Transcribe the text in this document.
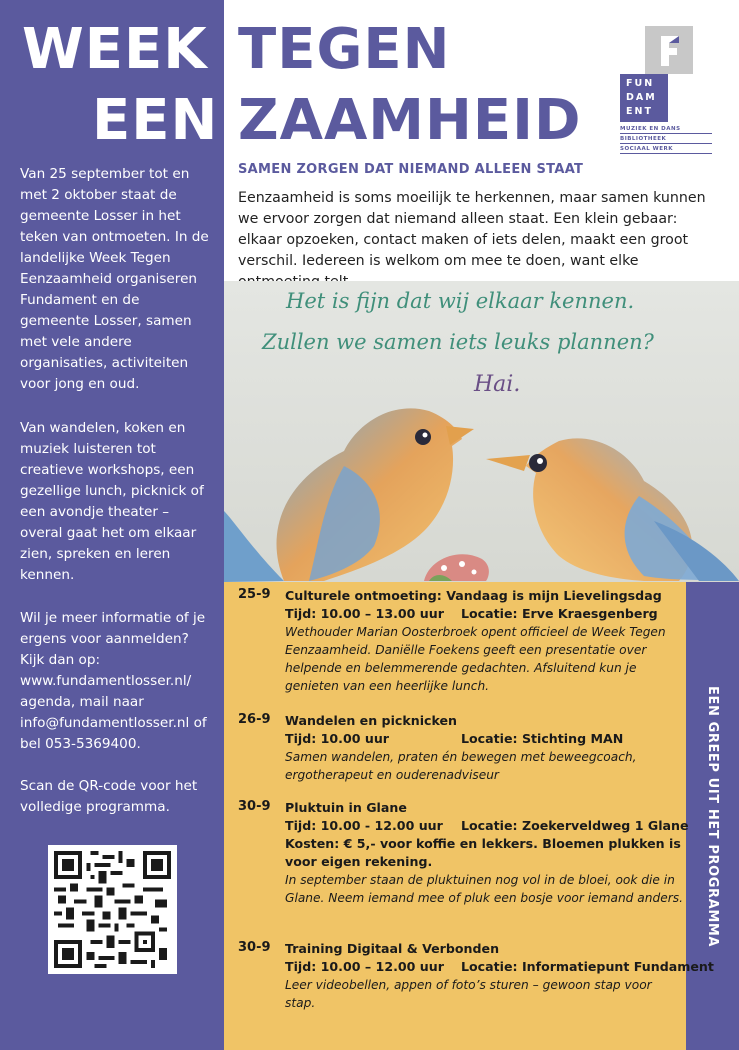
WEEK TEGEN
EEN ZAAMHEID
FUN
DAM
ENT
MUZIEK EN DANS
BIBLIOTHEEK
SOCIAAL WERK
SAMEN ZORGEN DAT NIEMAND ALLEEN STAAT
Eenzaamheid is soms moeilijk te herkennen, maar samen kunnen we ervoor zorgen dat niemand alleen staat. Een klein gebaar: elkaar opzoeken, contact maken of iets delen, maakt een groot verschil. Iedereen is welkom om mee te doen, want elke
Van 25 september tot en met 2 oktober staat de gemeente Losser in het teken van ontmoeten. In de landelijke Week Tegen Eenzaamheid organiseren Fundament en de gemeente Losser, samen met vele andere organisaties, activiteiten voor jong en oud.
Van wandelen, koken en muziek luisteren tot creatieve workshops, een gezellige lunch, picknick of een avondje theater – overal gaat het om elkaar zien, spreken en leren kennen.
Wil je meer informatie of je ergens voor aanmelden? Kijk dan op: www.fundamentlosser.nl/ agenda, mail naar info@fundamentlosser.nl of bel 053-5369400.
Scan de QR-code voor het volledige programma.
Het is fijn dat wij elkaar kennen.
Zullen we samen iets leuks plannen?
Hai.
EEN GREEP UIT HET PROGRAMMA
25-9 Culturele ontmoeting: Vandaag is mijn Lievelingsdag
Tijd: 10.00 – 13.00 uur Locatie: Erve Kraesgenberg
Wethouder Marian Oosterbroek opent officieel de Week Tegen Eenzaamheid. Daniëlle Foekens geeft een presentatie over helpende en belemmerende gedachten. Afsluitend kun je genieten van een heerlijke lunch.
26-9 Wandelen en picknicken
Tijd: 10.00 uur	Locatie: Stichting MAN
Samen wandelen, praten én bewegen met beweegcoach, ergotherapeut en ouderenadviseur
30-9 Pluktuin in Glane
Tijd: 10.00 - 12.00 uur Locatie: Zoekerveldweg 1 Glane
Kosten: € 5,- voor koffie en lekkers. Bloemen plukken is voor eigen rekening.
In september staan de pluktuinen nog vol in de bloei, ook die in Glane. Neem iemand mee of pluk een bosje voor iemand anders.
30-9 Training Digitaal & Verbonden
Tijd: 10.00 – 12.00 uur Locatie: Informatiepunt Fundament
Leer videobellen, appen of foto’s sturen – gewoon stap voor stap.
